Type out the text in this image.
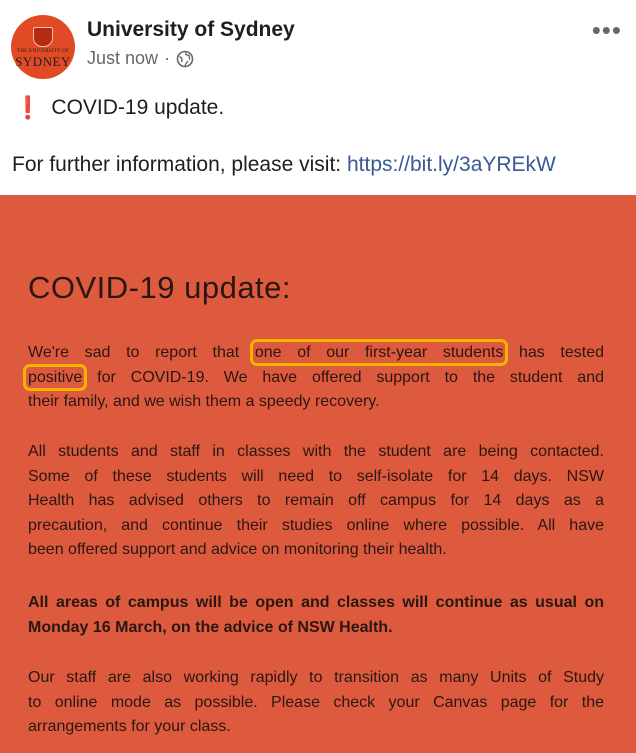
THE UNIVERSITY OF
SYDNEY
University of Sydney
Just now ·
•••
❗ COVID-19 update.
For further information, please visit: https://bit.ly/3aYREkW
COVID-19 update:
We're sad to report that one of our first-year students has tested
positive for COVID-19. We have offered support to the student and
their family, and we wish them a speedy recovery.
All students and staff in classes with the student are being contacted.
Some of these students will need to self-isolate for 14 days. NSW
Health has advised others to remain off campus for 14 days as a
precaution, and continue their studies online where possible. All have
been offered support and advice on monitoring their health.
All areas of campus will be open and classes will continue as usual on
Monday 16 March, on the advice of NSW Health.
Our staff are also working rapidly to transition as many Units of Study
to online mode as possible. Please check your Canvas page for the
arrangements for your class.
